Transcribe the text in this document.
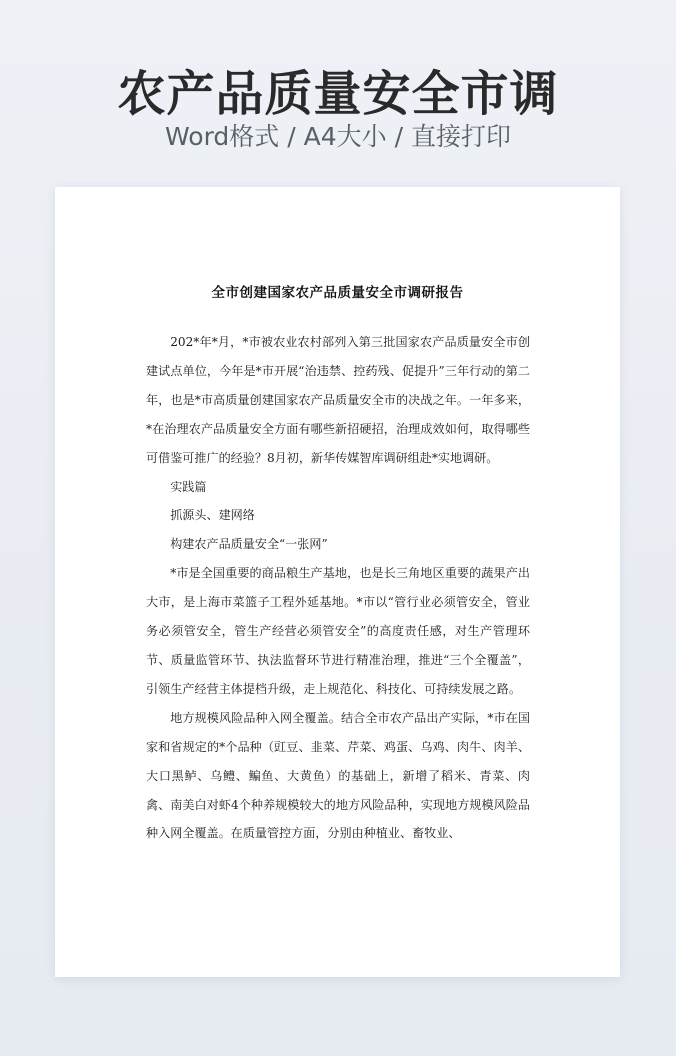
农产品质量安全市调
Word格式 / A4大小 / 直接打印
全市创建国家农产品质量安全市调研报告

202*年*月，*市被农业农村部列入第三批国家农产品质量安全市创建试点单位，今年是*市开展“治违禁、控药残、促提升”三年行动的第二年，也是*市高质量创建国家农产品质量安全市的决战之年。一年多来，*在治理农产品质量安全方面有哪些新招硬招，治理成效如何，取得哪些可借鉴可推广的经验？8月初，新华传媒智库调研组赴*实地调研。

实践篇

抓源头、建网络

构建农产品质量安全“一张网”

*市是全国重要的商品粮生产基地，也是长三角地区重要的蔬果产出大市，是上海市菜篮子工程外延基地。*市以“管行业必须管安全，管业务必须管安全，管生产经营必须管安全”的高度责任感，对生产管理环节、质量监管环节、执法监督环节进行精准治理，推进“三个全覆盖”，引领生产经营主体提档升级，走上规范化、科技化、可持续发展之路。

地方规模风险品种入网全覆盖。结合全市农产品出产实际，*市在国家和省规定的*个品种（豇豆、韭菜、芹菜、鸡蛋、乌鸡、肉牛、肉羊、大口黑鲈、乌鳢、鳊鱼、大黄鱼）的基础上，新增了稻米、青菜、肉禽、南美白对虾4个种养规模较大的地方风险品种，实现地方规模风险品种入网全覆盖。在质量管控方面，分别由种植业、畜牧业、
